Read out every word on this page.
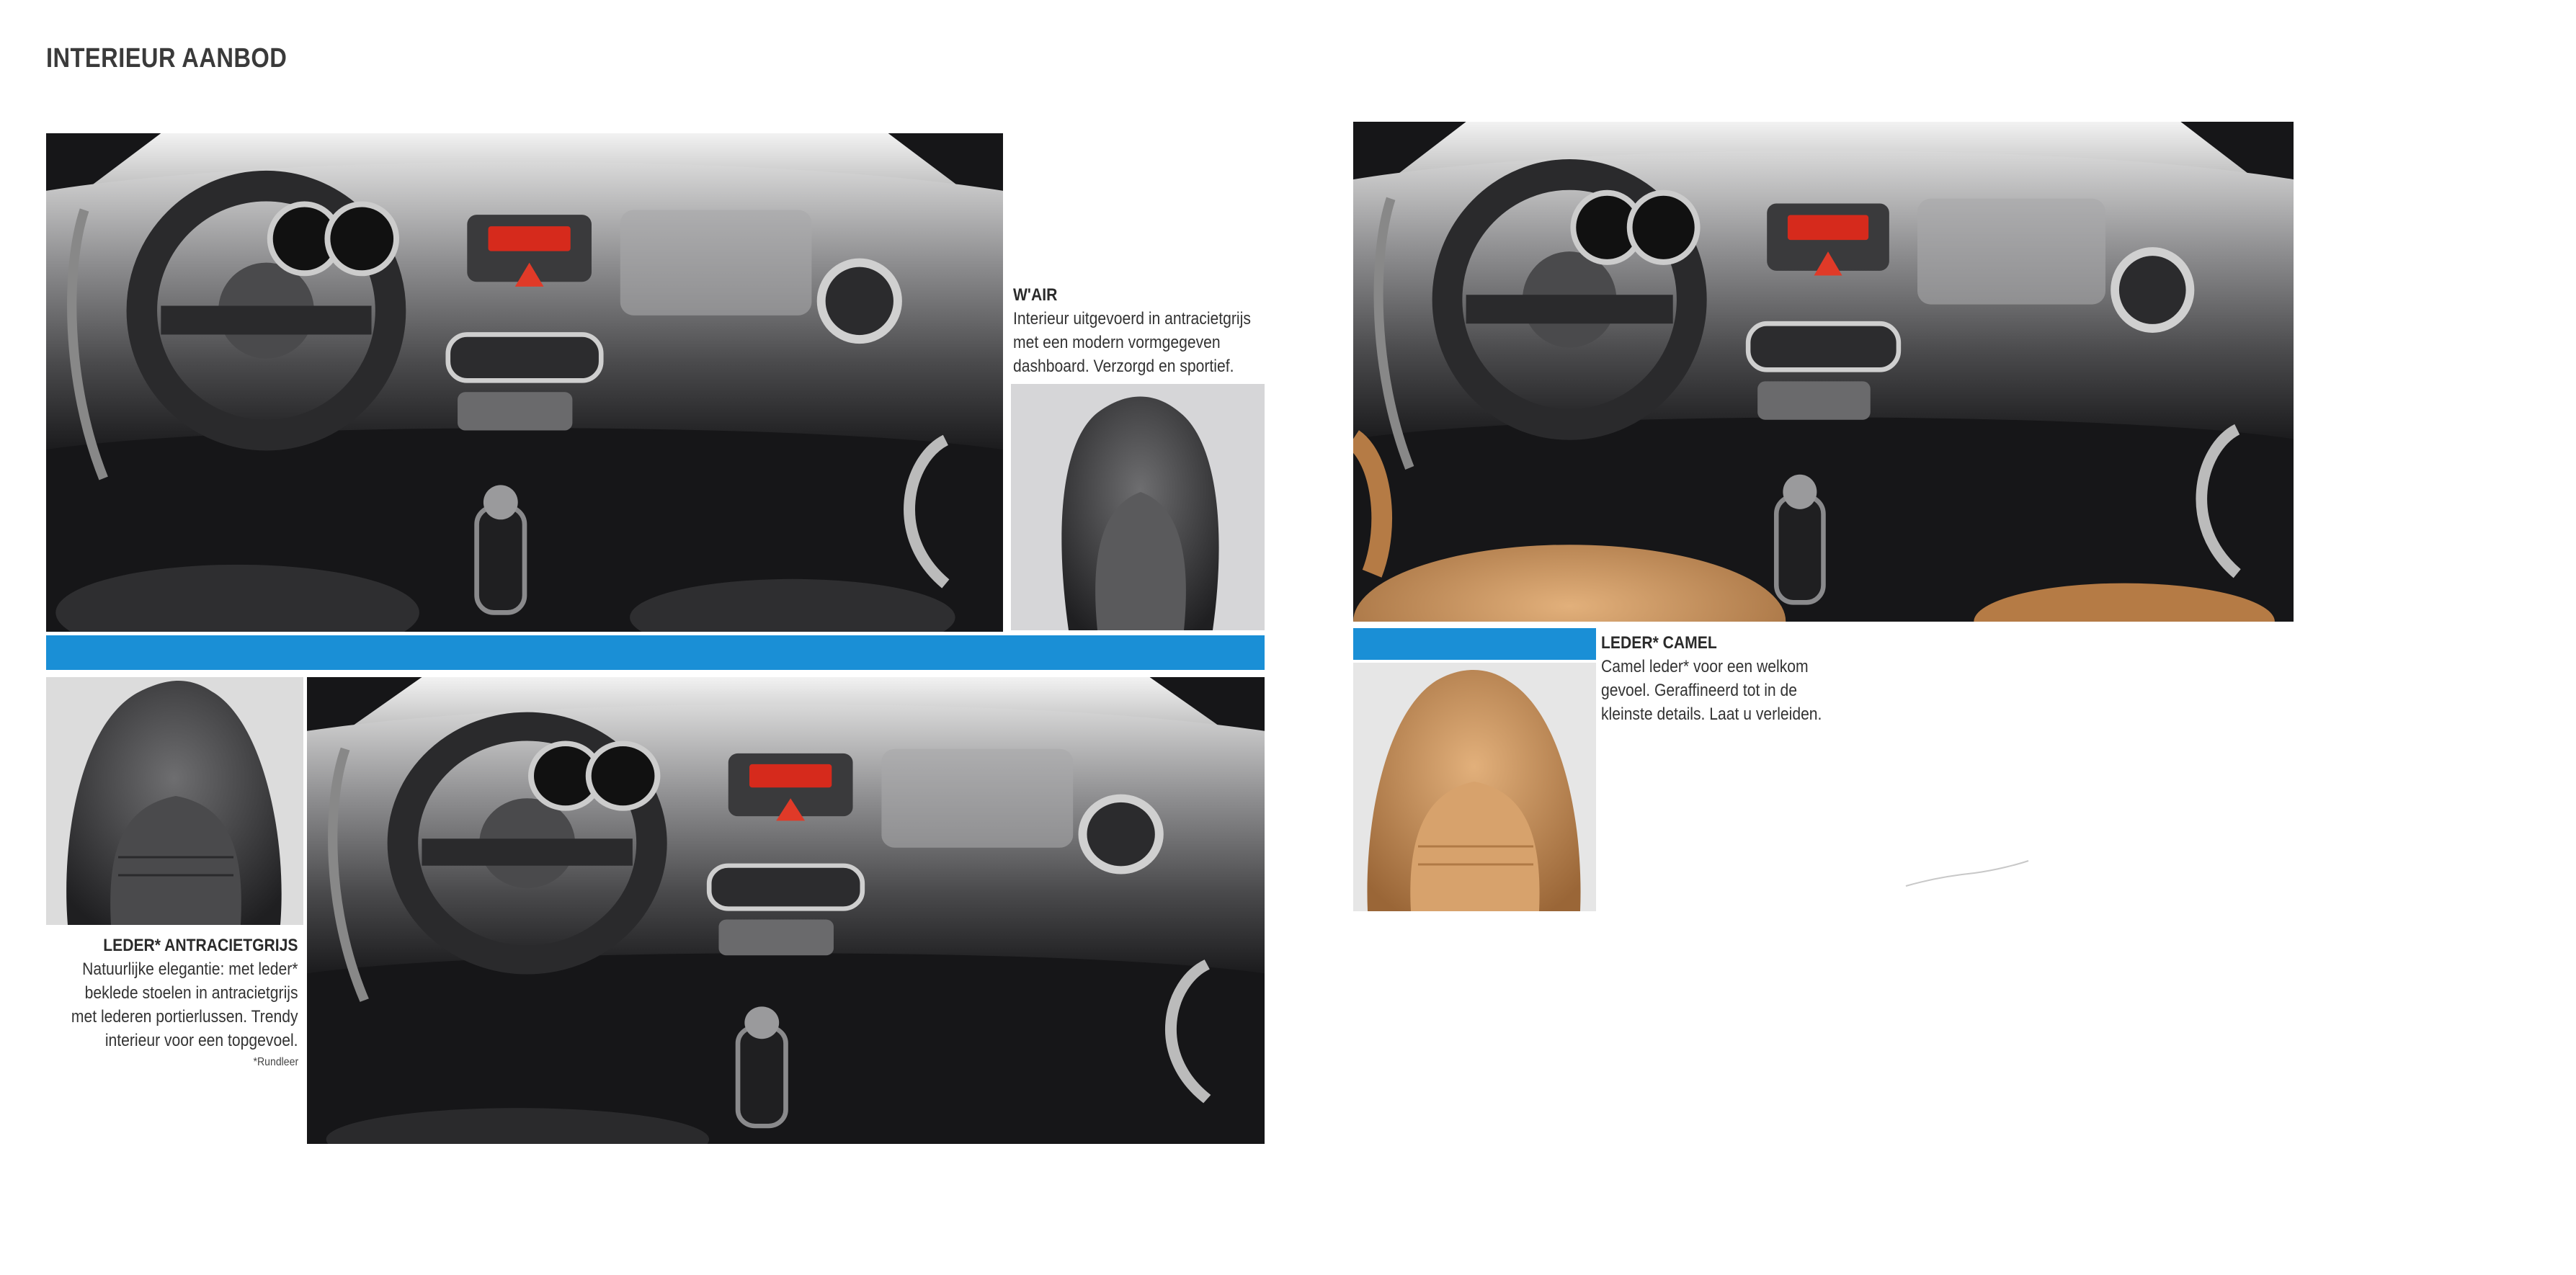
INTERIEUR AANBOD
W'AIR
Interieur uitgevoerd in antracietgrijs
met een modern vormgegeven
dashboard. Verzorgd en sportief.
LEDER* ANTRACIETGRIJS
Natuurlijke elegantie: met leder*
beklede stoelen in antracietgrijs
met lederen portierlussen. Trendy
interieur voor een topgevoel.
*Rundleer
LEDER* CAMEL
Camel leder* voor een welkom
gevoel. Geraffineerd tot in de
kleinste details. Laat u verleiden.
